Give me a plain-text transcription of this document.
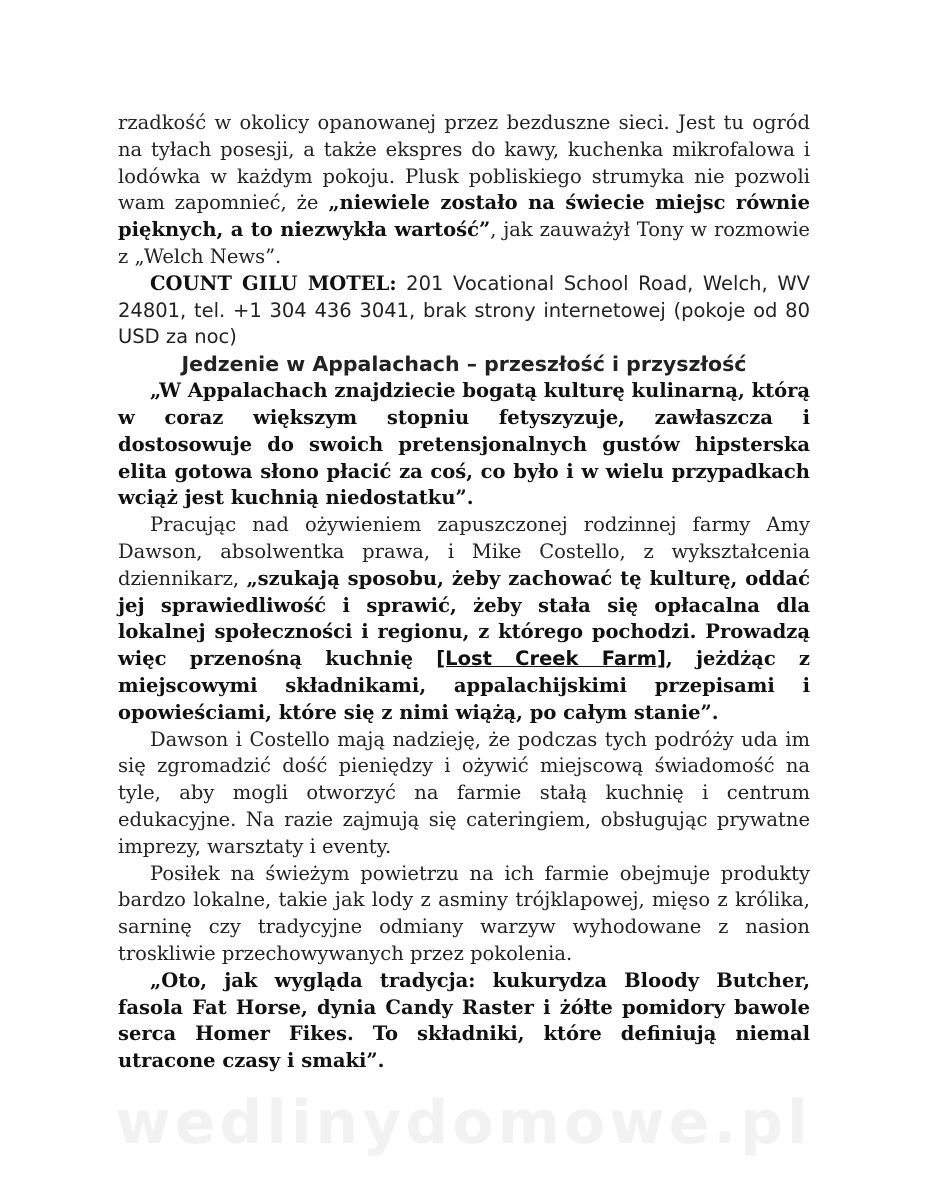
rzadkość w okolicy opanowanej przez bezduszne sieci. Jest tu ogród na tyłach posesji, a także ekspres do kawy, kuchenka mikrofalowa i lodówka w każdym pokoju. Plusk pobliskiego strumyka nie pozwoli wam zapomnieć, że „niewiele zostało na świecie miejsc równie pięknych, a to niezwykła wartość”, jak zauważył Tony w rozmowie z „Welch News”.

COUNT GILU MOTEL: 201 Vocational School Road, Welch, WV 24801, tel. +1 304 436 3041, brak strony internetowej (pokoje od 80 USD za noc)

Jedzenie w Appalachach – przeszłość i przyszłość

„W Appalachach znajdziecie bogatą kulturę kulinarną, którą w coraz większym stopniu fetyszyzuje, zawłaszcza i dostosowuje do swoich pretensjonalnych gustów hipsterska elita gotowa słono płacić za coś, co było i w wielu przypadkach wciąż jest kuchnią niedostatku”.

Pracując nad ożywieniem zapuszczonej rodzinnej farmy Amy Dawson, absolwentka prawa, i Mike Costello, z wykształcenia dziennikarz, „szukają sposobu, żeby zachować tę kulturę, oddać jej sprawiedliwość i sprawić, żeby stała się opłacalna dla lokalnej społeczności i regionu, z którego pochodzi. Prowadzą więc przenośną kuchnię [Lost Creek Farm], jeżdżąc z miejscowymi składnikami, appalachijskimi przepisami i opowieściami, które się z nimi wiążą, po całym stanie”.

Dawson i Costello mają nadzieję, że podczas tych podróży uda im się zgromadzić dość pieniędzy i ożywić miejscową świadomość na tyle, aby mogli otworzyć na farmie stałą kuchnię i centrum edukacyjne. Na razie zajmują się cateringiem, obsługując prywatne imprezy, warsztaty i eventy.

Posiłek na świeżym powietrzu na ich farmie obejmuje produkty bardzo lokalne, takie jak lody z asminy trójklapowej, mięso z królika, sarninę czy tradycyjne odmiany warzyw wyhodowane z nasion troskliwie przechowywanych przez pokolenia.

„Oto, jak wygląda tradycja: kukurydza Bloody Butcher, fasola Fat Horse, dynia Candy Raster i żółte pomidory bawole serca Homer Fikes. To składniki, które definiują niemal utracone czasy i smaki”.

wedlinydomowe.pl
